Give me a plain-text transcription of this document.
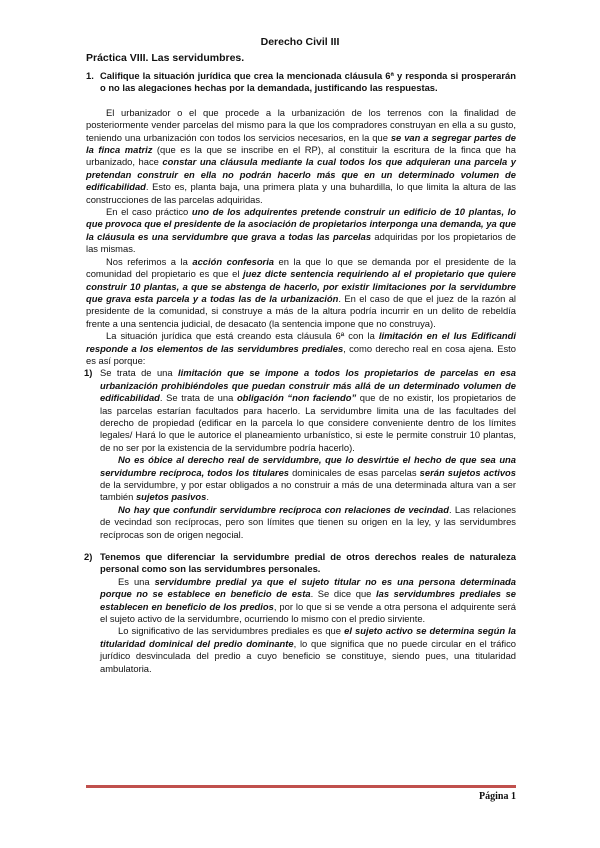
Derecho Civil III
Práctica VIII. Las servidumbres.
1. Califique la situación jurídica que crea la mencionada cláusula 6ª y responda si prosperarán o no las alegaciones hechas por la demandada, justificando las respuestas.

El urbanizador o el que procede a la urbanización de los terrenos con la finalidad de posteriormente vender parcelas del mismo para la que los compradores construyan en ella a su gusto, teniendo una urbanización con todos los servicios necesarios, en la que se van a segregar partes de la finca matriz (que es la que se inscribe en el RP), al constituir la escritura de la finca que ha urbanizado, hace constar una cláusula mediante la cual todos los que adquieran una parcela y pretendan construir en ella no podrán hacerlo más que en un determinado volumen de edificabilidad. Esto es, planta baja, una primera plata y una buhardilla, lo que limita la altura de las construcciones de las parcelas adquiridas.

En el caso práctico uno de los adquirentes pretende construir un edificio de 10 plantas, lo que provoca que el presidente de la asociación de propietarios interponga una demanda, ya que la cláusula es una servidumbre que grava a todas las parcelas adquiridas por los propietarios de las mismas.

Nos referimos a la acción confesoria en la que lo que se demanda por el presidente de la comunidad del propietario es que el juez dicte sentencia requiriendo al el propietario que quiere construir 10 plantas, a que se abstenga de hacerlo, por existir limitaciones por la servidumbre que grava esta parcela y a todas las de la urbanización. En el caso de que el juez de la razón al presidente de la comunidad, si construye a más de la altura podría incurrir en un delito de rebeldía frente a una sentencia judicial, de desacato (la sentencia impone que no construya).

La situación jurídica que está creando esta cláusula 6ª con la limitación en el Ius Edificandi responde a los elementos de las servidumbres prediales, como derecho real en cosa ajena. Esto es así porque:

1) Se trata de una limitación que se impone a todos los propietarios de parcelas en esa urbanización prohibiéndoles que puedan construir más allá de un determinado volumen de edificabilidad. Se trata de una obligación “non faciendo” que de no existir, los propietarios de las parcelas estarían facultados para hacerlo. La servidumbre limita una de las facultades del derecho de propiedad (edificar en la parcela lo que considere conveniente dentro de los límites legales/ Hará lo que le autorice el planeamiento urbanístico, si este le permite construir 10 plantas, de no ser por la existencia de la servidumbre podría hacerlo).

No es óbice al derecho real de servidumbre, que lo desvirtúe el hecho de que sea una servidumbre recíproca, todos los titulares dominicales de esas parcelas serán sujetos activos de la servidumbre, y por estar obligados a no construir a más de una determinada altura van a ser también sujetos pasivos.

No hay que confundir servidumbre recíproca con relaciones de vecindad. Las relaciones de vecindad son recíprocas, pero son límites que tienen su origen en la ley, y las servidumbres recíprocas son de origen negocial.

2) Tenemos que diferenciar la servidumbre predial de otros derechos reales de naturaleza personal como son las servidumbres personales.

Es una servidumbre predial ya que el sujeto titular no es una persona determinada porque no se establece en beneficio de esta. Se dice que las servidumbres prediales se establecen en beneficio de los predios, por lo que si se vende a otra persona el adquirente será el sujeto activo de la servidumbre, ocurriendo lo mismo con el predio sirviente.

Lo significativo de las servidumbres prediales es que el sujeto activo se determina según la titularidad dominical del predio dominante, lo que significa que no puede circular en el tráfico jurídico desvinculada del predio a cuyo beneficio se constituye, siendo pues, una titularidad ambulatoria.

Página 1
